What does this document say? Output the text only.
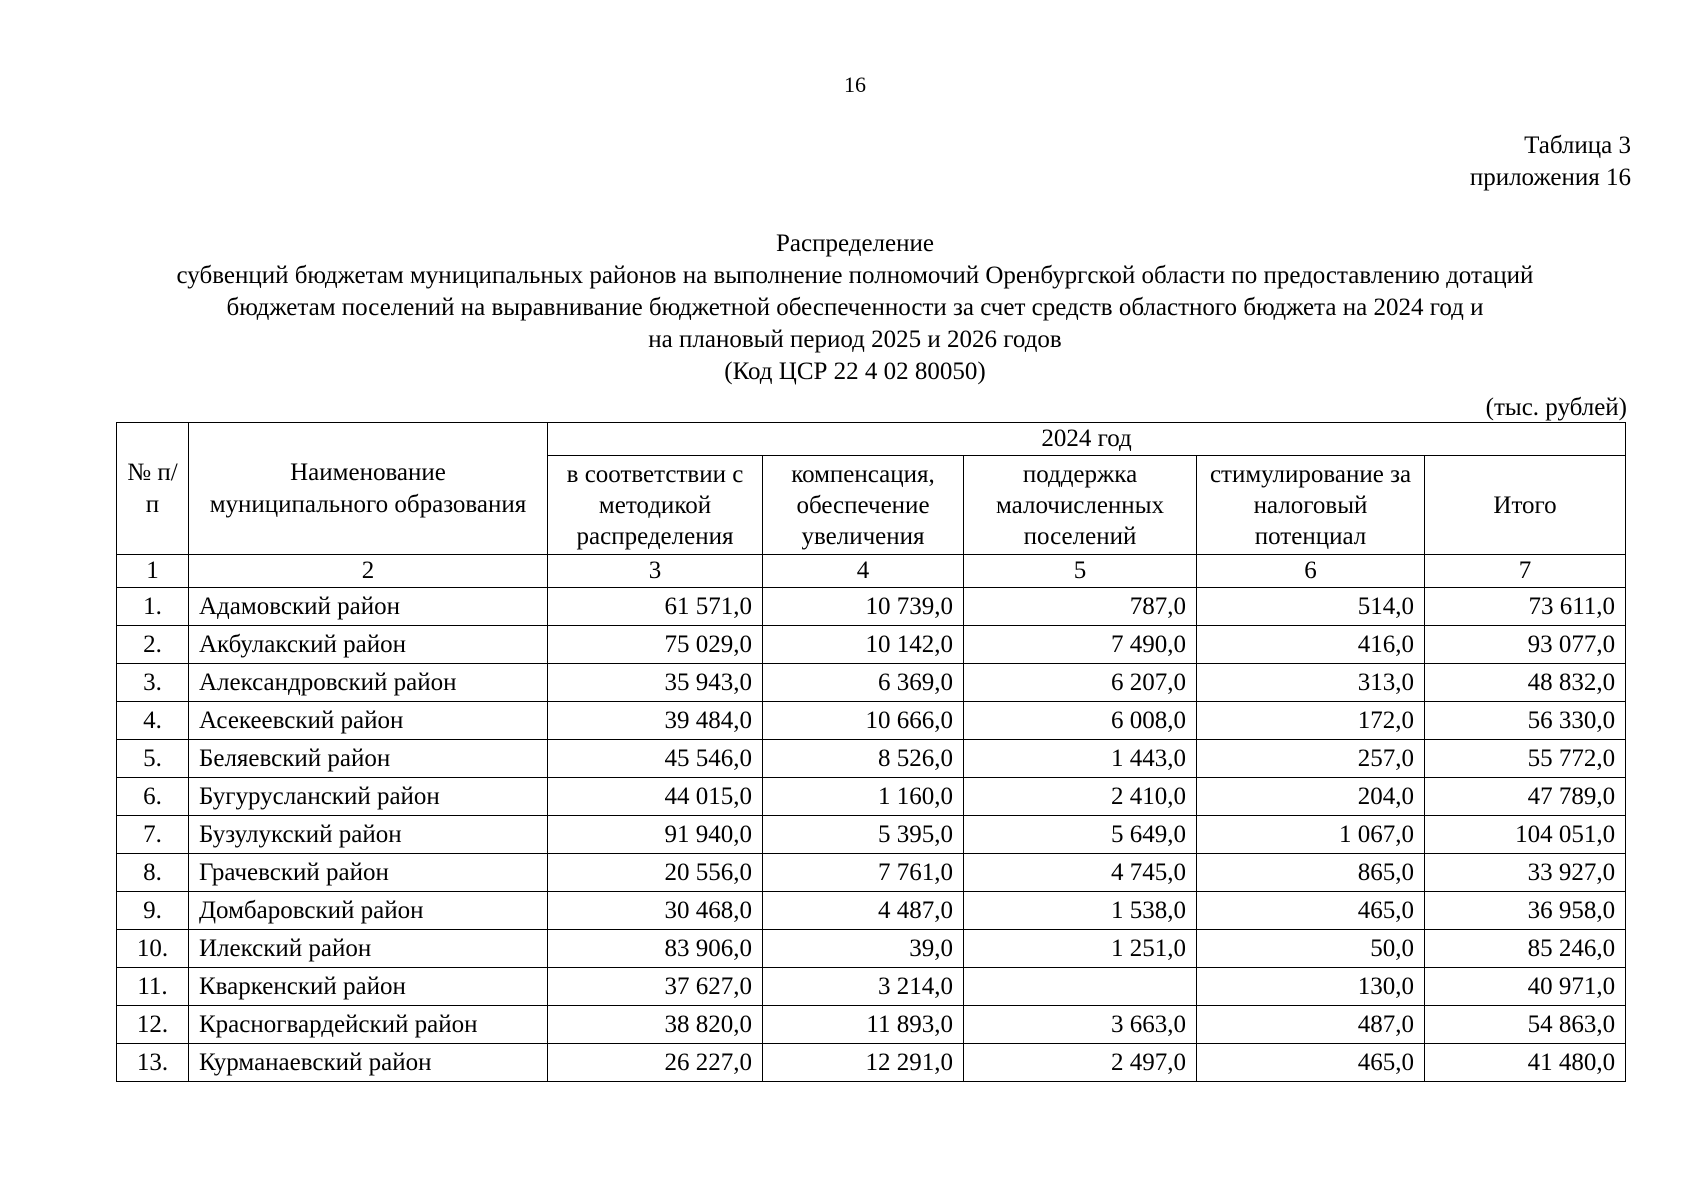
16
Таблица 3
приложения 16
Распределение
субвенций бюджетам муниципальных районов на выполнение полномочий Оренбургской области по предоставлению дотаций
бюджетам поселений на выравнивание бюджетной обеспеченности за счет средств областного бюджета на 2024 год и
на плановый период 2025 и 2026 годов
(Код ЦСР 22 4 02 80050)
(тыс. рублей)
№ п/п	Наименование муниципального образования	2024 год				
		в соответствии с методикой распределения	компенсация, обеспечение увеличения	поддержка малочисленных поселений	стимулирование за налоговый потенциал	Итого
1	2	3	4	5	6	7
1.	Адамовский район	61 571,0	10 739,0	787,0	514,0	73 611,0
2.	Акбулакский район	75 029,0	10 142,0	7 490,0	416,0	93 077,0
3.	Александровский район	35 943,0	6 369,0	6 207,0	313,0	48 832,0
4.	Асекеевский район	39 484,0	10 666,0	6 008,0	172,0	56 330,0
5.	Беляевский район	45 546,0	8 526,0	1 443,0	257,0	55 772,0
6.	Бугурусланский район	44 015,0	1 160,0	2 410,0	204,0	47 789,0
7.	Бузулукский район	91 940,0	5 395,0	5 649,0	1 067,0	104 051,0
8.	Грачевский район	20 556,0	7 761,0	4 745,0	865,0	33 927,0
9.	Домбаровский район	30 468,0	4 487,0	1 538,0	465,0	36 958,0
10.	Илекский район	83 906,0	39,0	1 251,0	50,0	85 246,0
11.	Кваркенский район	37 627,0	3 214,0		130,0	40 971,0
12.	Красногвардейский район	38 820,0	11 893,0	3 663,0	487,0	54 863,0
13.	Курманаевский район	26 227,0	12 291,0	2 497,0	465,0	41 480,0
